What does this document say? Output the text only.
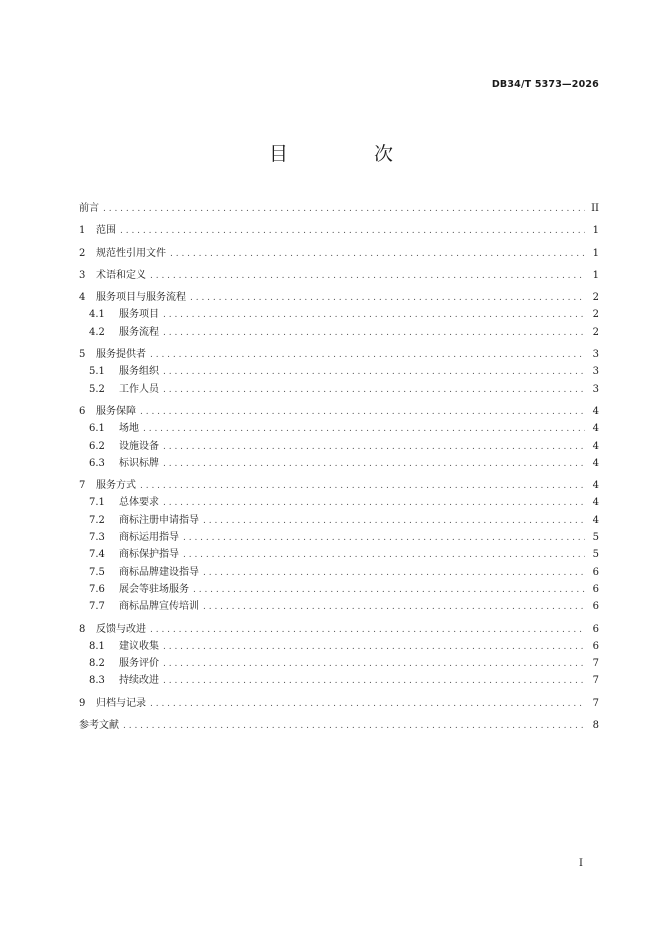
DB34/T 5373—2026
目 次
前言 . . .	II
1	范围 . . .	1
2	规范性引用文件 . . .	1
3	术语和定义 . . .	1
4	服务项目与服务流程 . . .	2
4.1	服务项目 . . .	2
4.2	服务流程 . . .	2
5	服务提供者 . . .	3
5.1	服务组织 . . .	3
5.2	工作人员 . . .	3
6	服务保障 . . .	4
6.1	场地 . . .	4
6.2	设施设备 . . .	4
6.3	标识标牌 . . .	4
7	服务方式 . . .	4
7.1	总体要求 . . .	4
7.2	商标注册申请指导 . . .	4
7.3	商标运用指导 . . .	5
7.4	商标保护指导 . . .	5
7.5	商标品牌建设指导 . . .	6
7.6	展会等驻场服务 . . .	6
7.7	商标品牌宣传培训 . . .	6
8	反馈与改进 . . .	6
8.1	建议收集 . . .	6
8.2	服务评价 . . .	7
8.3	持续改进 . . .	7
9	归档与记录 . . .	7
参考文献 . . .	8
I
